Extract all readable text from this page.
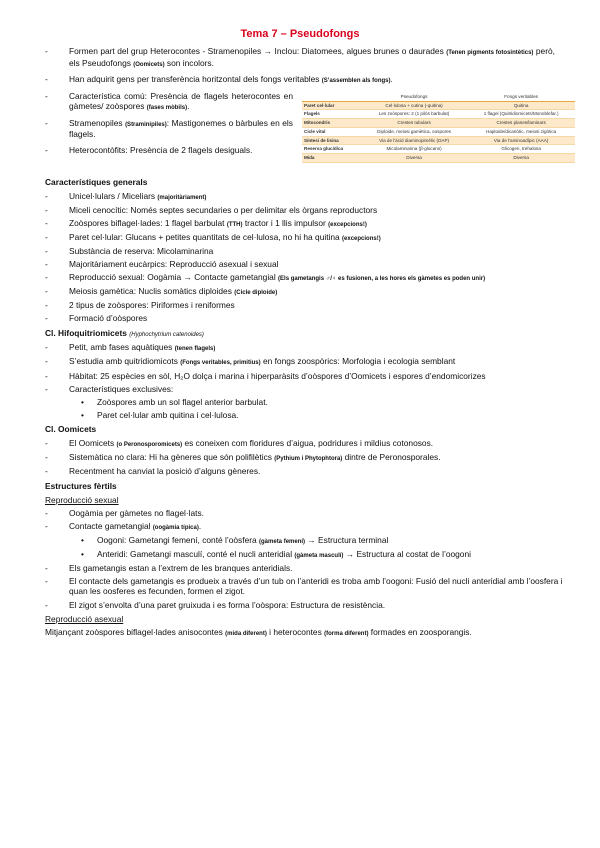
Tema 7 – Pseudofongs
-	Formen part del grup Heterocontes - Stramenopiles → Inclou: Diatomees, algues brunes o daurades (Tenen pigments fotosintètics) però, els Pseudofongs (Oomicets) son incolors.
-	Han adquirit gens per transferència horitzontal dels fongs veritables (S’assemblen als fongs).
-	Característica comú: Presència de flagels heterocontes en gàmetes/ zoòspores (fases mòbils).
-	Stramenopiles (Straminipiles): Mastigonemes o bàrbules en els flagels.
-	Heterocontòfits: Presència de 2 flagels desiguals.
	Pseudofongs	Fongs veritables
Paret cel·lular	Cel·lulosa + cutina (-quitina)	Quitina
Flagels	Les zoòspores: 2 (1 pilós barbulat)	1 flagel (Quitridiomicets/Monoblefar.)
Mitocondris	Crestes tubulars	Crestes planes/laminars
Cicle vital	Diploide, meiosi gamètica, oospores	Haploide/dicariòtic, meiosi zigòtica
Síntesi de lisina	Via de l'àcid diaminopimèlic (DAP)	Via de l'aminoadípic (AAA)
Reserva glucídica	Micolaminarina (β-glucans)	Glicogen, trehalosa
Mida	Diversa	Diversa
Característiques generals
-	Unicel·lulars / Miceliars (majoritàriament)
-	Miceli cenocític: Només septes secundaries o per delimitar els òrgans reproductors
-	Zoòspores biflagel·lades: 1 flagel barbulat (TTH) tractor i 1 llis impulsor (excepcions!)
-	Paret cel·lular: Glucans + petites quantitats de cel·lulosa, no hi ha quitina (excepcions!)
-	Substància de reserva: Micolaminarina
-	Majoritàriament eucàrpics: Reproducció asexual i sexual
-	Reproducció sexual: Oogàmia → Contacte gametangial (Els gametangis ♂/♀ es fusionen, a les hores els gàmetes es poden unir)
-	Meiosis gamètica: Nuclis somàtics diploides (Cicle diploide)
-	2 tipus de zoòspores: Piriformes i reniformes
-	Formació d’oòspores
Cl. Hifoquitriomicets (Hyphochytrium catenoides)
-	Petit, amb fases aquàtiques (tenen flagels)
-	S’estudia amb quitridiomicots (Fongs veritables, primitius) en fongs zoospòrics: Morfologia i ecologia semblant
-	Hàbitat: 25 espècies en sòl, H₂O dolça i marina i hiperparàsits d’oòspores d’Oomicets i espores d’endomicorizes
-	Característiques exclusives:
•	Zoòspores amb un sol flagel anterior barbulat.
•	Paret cel·lular amb quitina i cel·lulosa.
Cl. Oomicets
-	El Oomicets (o Peronosporomicets) es coneixen com floridures d’aigua, podridures i mildius cotonosos.
-	Sistemàtica no clara: Hi ha gèneres que són polifilètics (Pythium i Phytophtora) dintre de Peronosporales.
-	Recentment ha canviat la posició d’alguns gèneres.
Estructures fèrtils
Reproducció sexual
-	Oogàmia per gàmetes no flagel·lats.
-	Contacte gametangial (oogàmia típica).
•	Oogoni: Gametangi femení, conté l’oòsfera (gàmeta femení) → Estructura terminal
•	Anteridi: Gametangi masculí, conté el nucli anteridial (gàmeta masculí) → Estructura al costat de l’oogoni
-	Els gametangis estan a l’extrem de les branques anteridials.
-	El contacte dels gametangis es produeix a través d’un tub on l’anteridi es troba amb l’oogoni: Fusió del nucli anteridial amb l’oosfera i quan les oosferes es fecunden, formen el zigot.
-	El zigot s’envolta d’una paret gruixuda i es forma l’oòspora: Estructura de resistència.
Reproducció asexual
Mitjançant zoòspores biflagel·lades anisocontes (mida diferent) i heterocontes (forma diferent) formades en zoosporangis.
